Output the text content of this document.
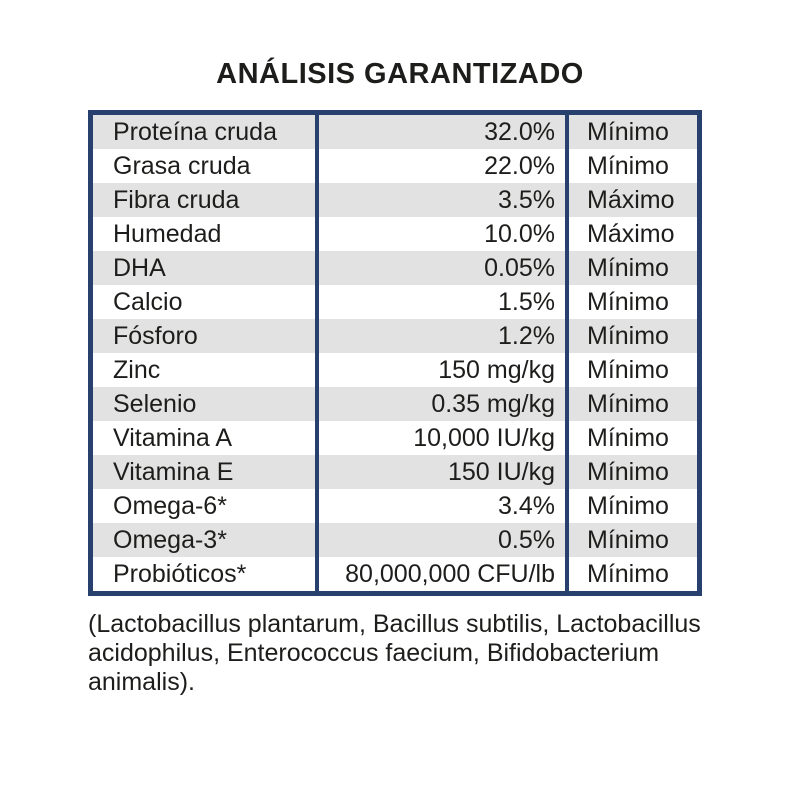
ANÁLISIS GARANTIZADO
Proteína cruda	32.0%	Mínimo
Grasa cruda	22.0%	Mínimo
Fibra cruda	3.5%	Máximo
Humedad	10.0%	Máximo
DHA	0.05%	Mínimo
Calcio	1.5%	Mínimo
Fósforo	1.2%	Mínimo
Zinc	150 mg/kg	Mínimo
Selenio	0.35 mg/kg	Mínimo
Vitamina A	10,000 IU/kg	Mínimo
Vitamina E	150 IU/kg	Mínimo
Omega-6*	3.4%	Mínimo
Omega-3*	0.5%	Mínimo
Probióticos*	80,000,000 CFU/lb	Mínimo

(Lactobacillus plantarum, Bacillus subtilis, Lactobacillus acidophilus, Enterococcus faecium, Bifidobacterium animalis).
